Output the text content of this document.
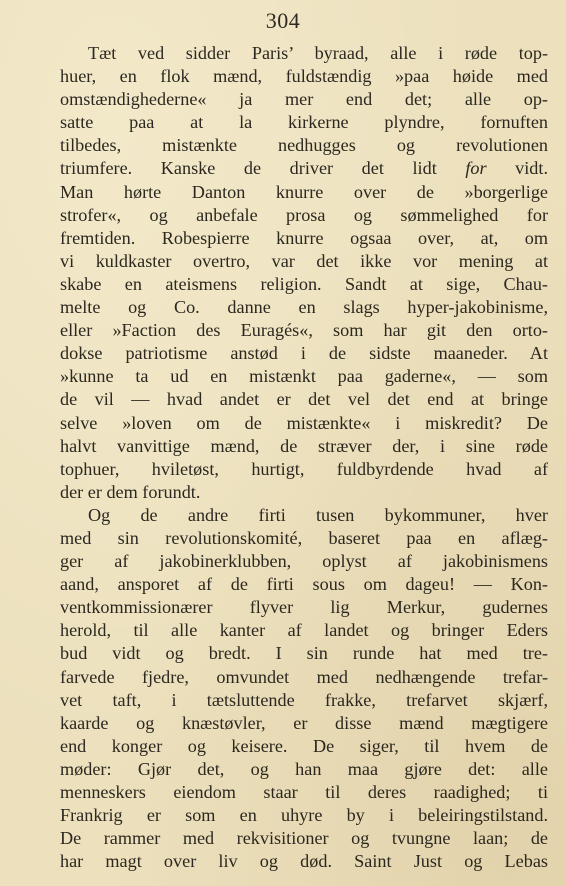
304
Tæt ved sidder Paris’ byraad, alle i røde top-
huer, en flok mænd, fuldstændig »paa høide med
omstændighederne« ja mer end det; alle op-
satte paa at la kirkerne plyndre, fornuften
tilbedes, mistænkte nedhugges og revolutionen
triumfere. Kanske de driver det lidt for vidt.
Man hørte Danton knurre over de »borgerlige
strofer«, og anbefale prosa og sømmelighed for
fremtiden. Robespierre knurre ogsaa over, at, om
vi kuldkaster overtro, var det ikke vor mening at
skabe en ateismens religion. Sandt at sige, Chau-
melte og Co. danne en slags hyper-jakobinisme,
eller »Faction des Euragés«, som har git den orto-
dokse patriotisme anstød i de sidste maaneder. At
»kunne ta ud en mistænkt paa gaderne«, — som
de vil — hvad andet er det vel det end at bringe
selve »loven om de mistænkte« i miskredit? De
halvt vanvittige mænd, de stræver der, i sine røde
tophuer, hviletøst, hurtigt, fuldbyrdende hvad af
der er dem forundt.
Og de andre firti tusen bykommuner, hver
med sin revolutionskomité, baseret paa en aflæg-
ger af jakobinerklubben, oplyst af jakobinismens
aand, ansporet af de firti sous om dageu! — Kon-
ventkommissionærer flyver lig Merkur, gudernes
herold, til alle kanter af landet og bringer Eders
bud vidt og bredt. I sin runde hat med tre-
farvede fjedre, omvundet med nedhængende trefar-
vet taft, i tætsluttende frakke, trefarvet skjærf,
kaarde og knæstøvler, er disse mænd mægtigere
end konger og keisere. De siger, til hvem de
møder: Gjør det, og han maa gjøre det: alle
menneskers eiendom staar til deres raadighed; ti
Frankrig er som en uhyre by i beleiringstilstand.
De rammer med rekvisitioner og tvungne laan; de
har magt over liv og død. Saint Just og Lebas
